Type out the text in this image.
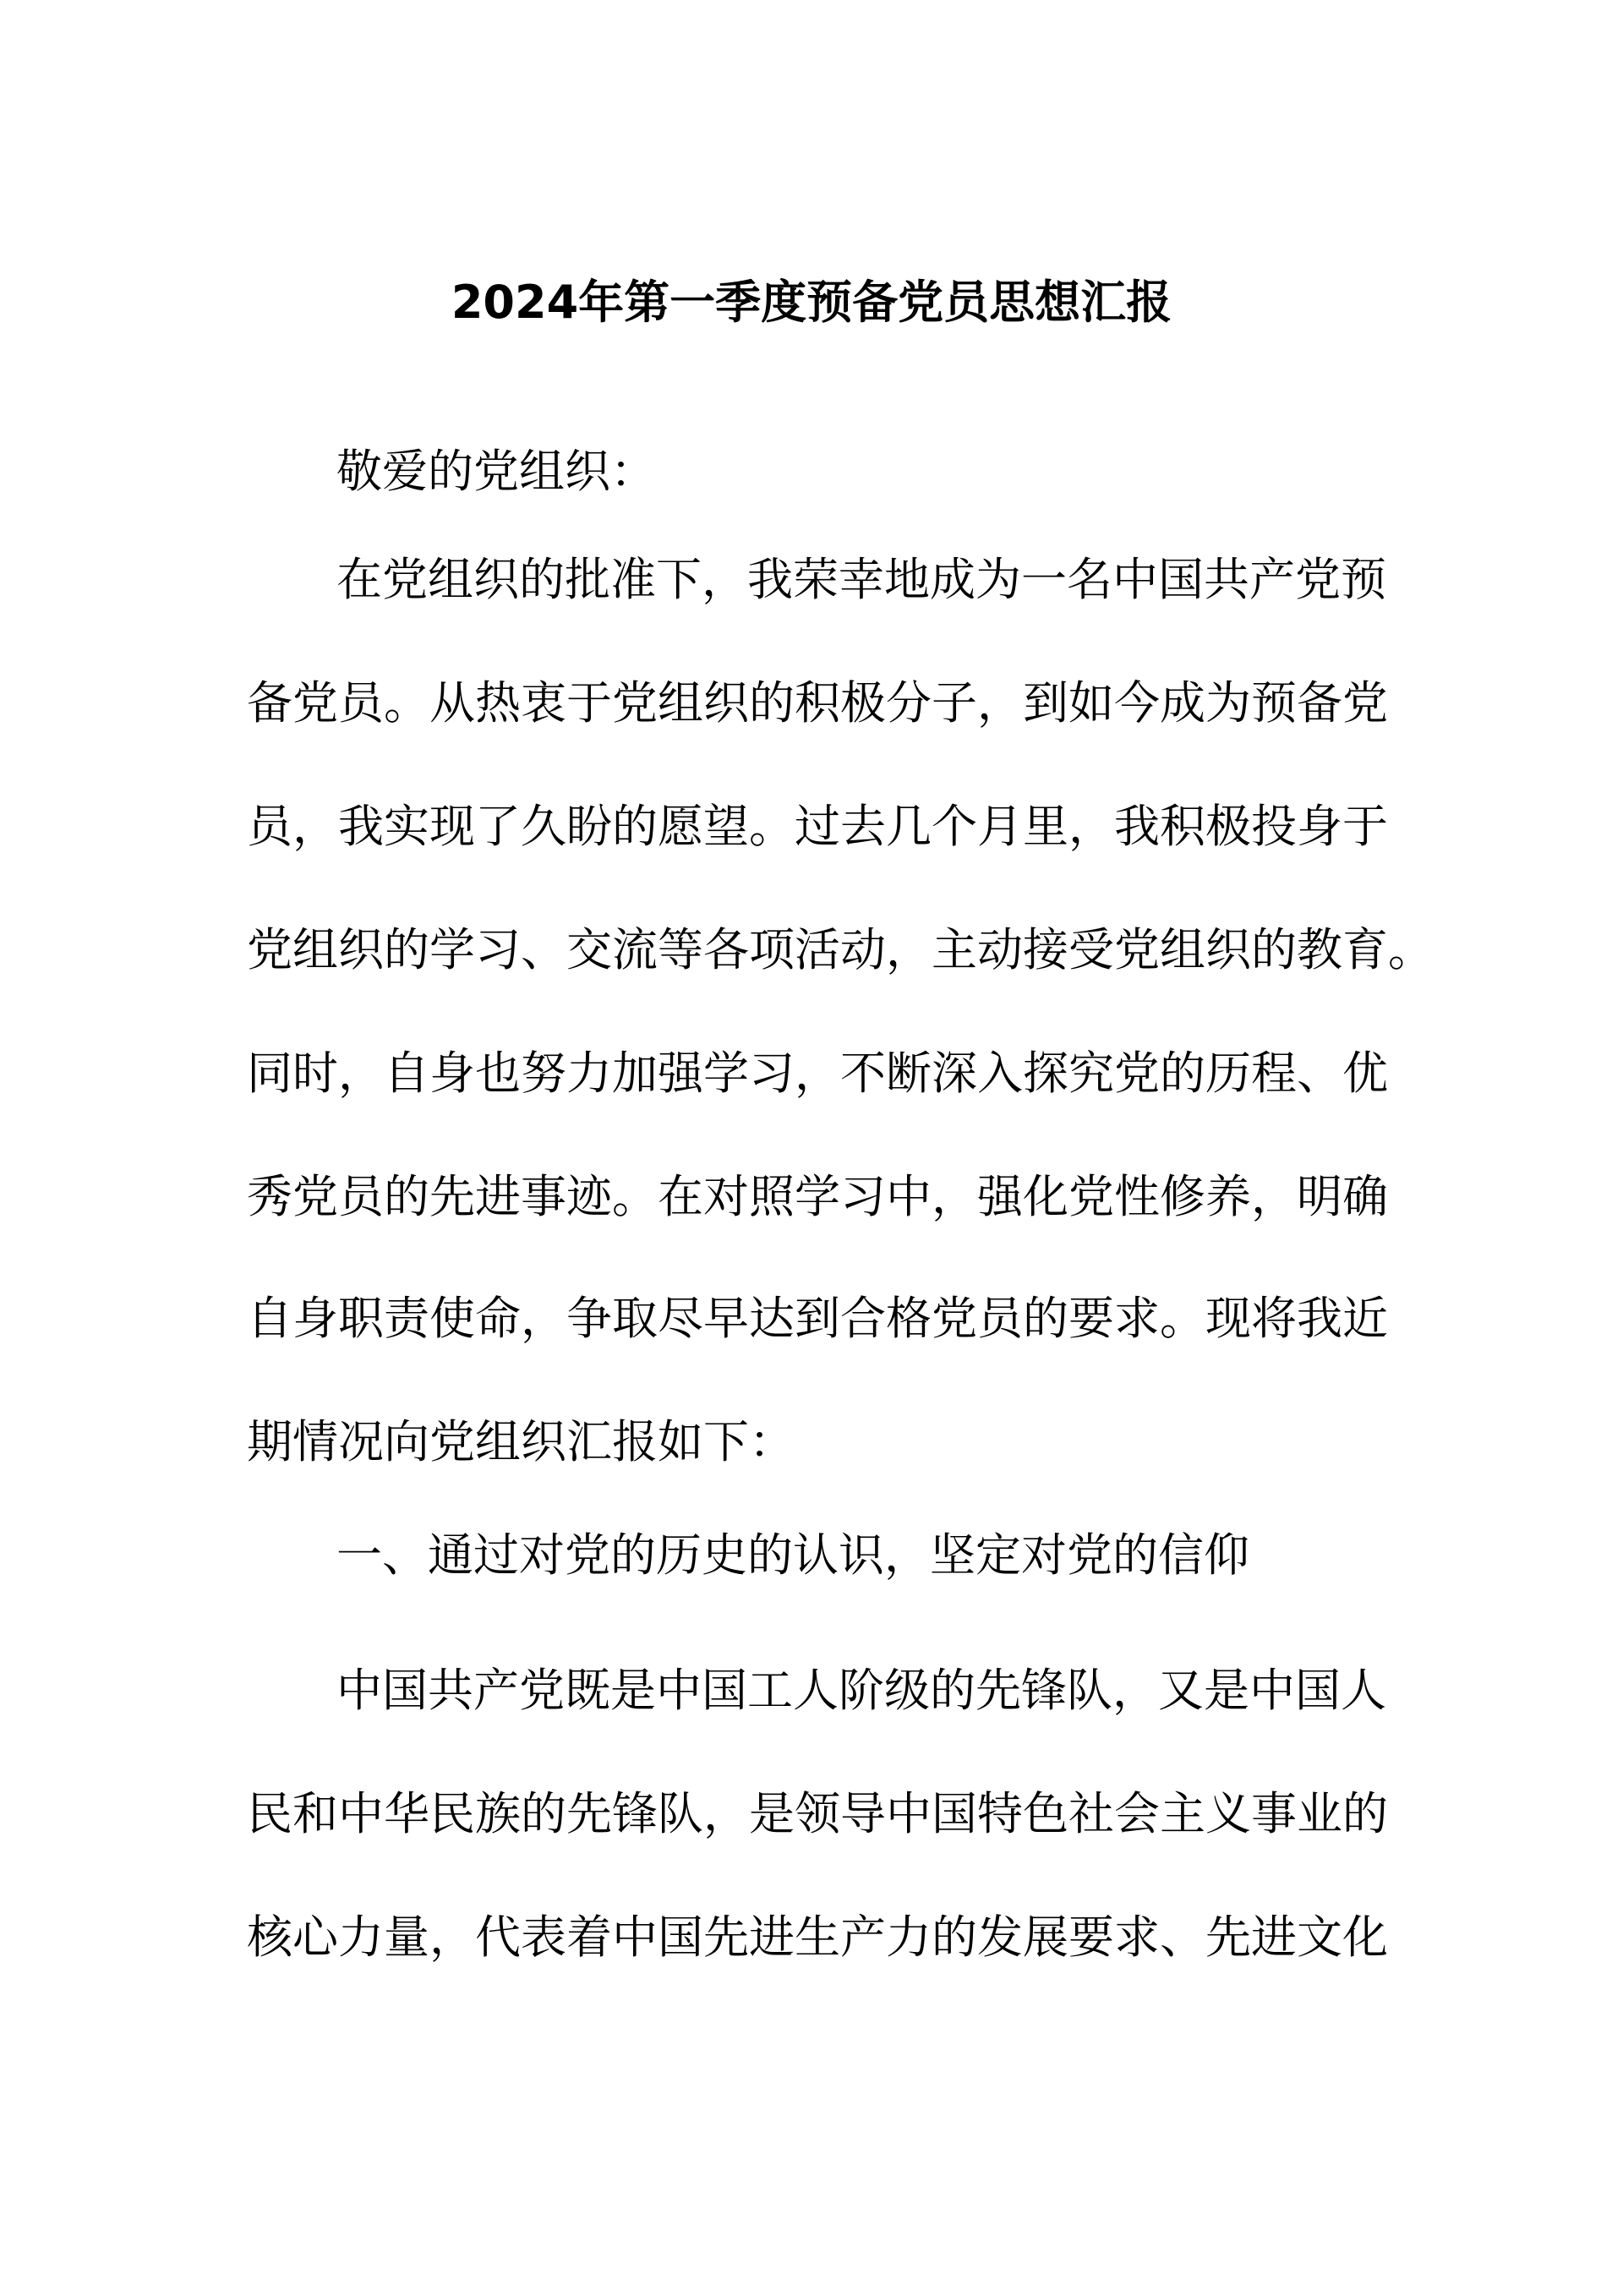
2024年第一季度预备党员思想汇报
敬爱的党组织：
在党组织的批准下，我荣幸地成为一名中国共产党预
备党员。从热衷于党组织的积极分子，到如今成为预备党
员，我实现了久盼的愿望。过去几个月里，我积极投身于
党组织的学习、交流等各项活动，主动接受党组织的教育。
同时，自身也努力加强学习，不断深入探究党的历程、优
秀党员的先进事迹。在对照学习中，强化党性修养，明确
自身职责使命，争取尽早达到合格党员的要求。现将我近
期情况向党组织汇报如下：
一、通过对党的历史的认识，坚定对党的信仰
中国共产党既是中国工人阶级的先锋队，又是中国人
民和中华民族的先锋队，是领导中国特色社会主义事业的
核心力量，代表着中国先进生产力的发展要求、先进文化
